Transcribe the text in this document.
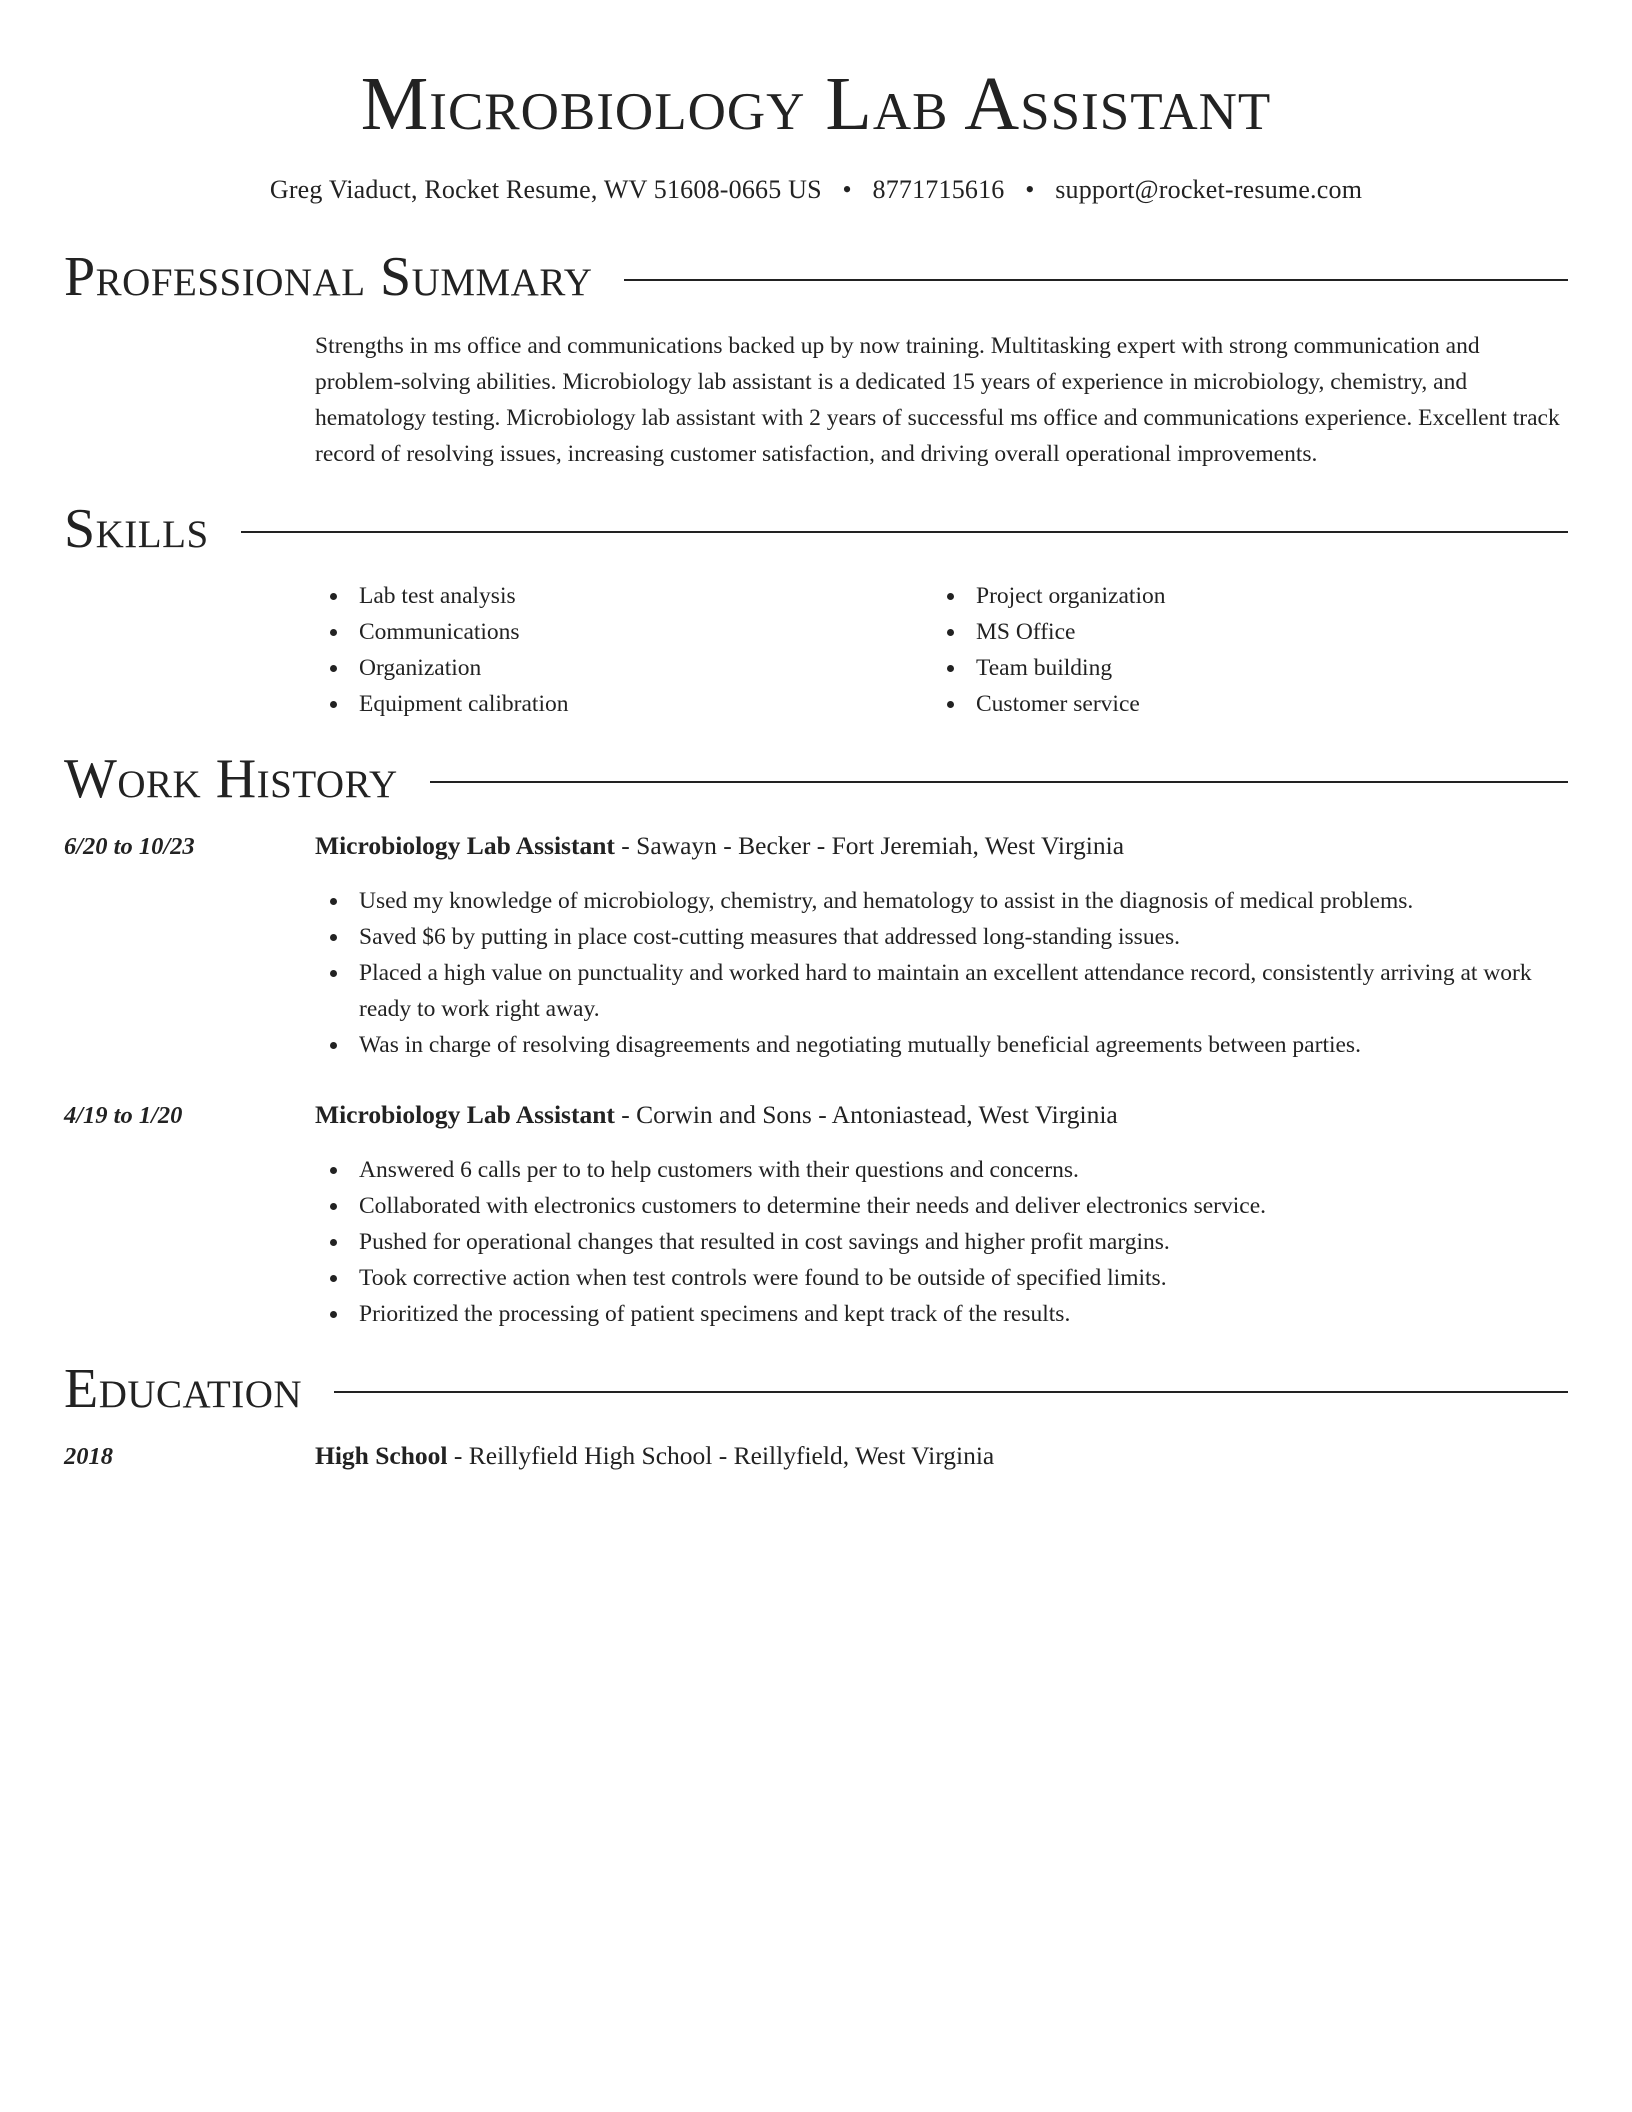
Microbiology Lab Assistant
Greg Viaduct, Rocket Resume, WV 51608-0665 US • 8771715616 • support@rocket-resume.com
Professional Summary
Strengths in ms office and communications backed up by now training. Multitasking expert with strong communication and problem-solving abilities. Microbiology lab assistant is a dedicated 15 years of experience in microbiology, chemistry, and hematology testing. Microbiology lab assistant with 2 years of successful ms office and communications experience. Excellent track record of resolving issues, increasing customer satisfaction, and driving overall operational improvements.
Skills
Lab test analysis
Communications
Organization
Equipment calibration
Project organization
MS Office
Team building
Customer service
Work History
6/20 to 10/23	Microbiology Lab Assistant - Sawayn - Becker - Fort Jeremiah, West Virginia
Used my knowledge of microbiology, chemistry, and hematology to assist in the diagnosis of medical problems.
Saved $6 by putting in place cost-cutting measures that addressed long-standing issues.
Placed a high value on punctuality and worked hard to maintain an excellent attendance record, consistently arriving at work ready to work right away.
Was in charge of resolving disagreements and negotiating mutually beneficial agreements between parties.
4/19 to 1/20	Microbiology Lab Assistant - Corwin and Sons - Antoniastead, West Virginia
Answered 6 calls per to to help customers with their questions and concerns.
Collaborated with electronics customers to determine their needs and deliver electronics service.
Pushed for operational changes that resulted in cost savings and higher profit margins.
Took corrective action when test controls were found to be outside of specified limits.
Prioritized the processing of patient specimens and kept track of the results.
Education
2018	High School - Reillyfield High School - Reillyfield, West Virginia
